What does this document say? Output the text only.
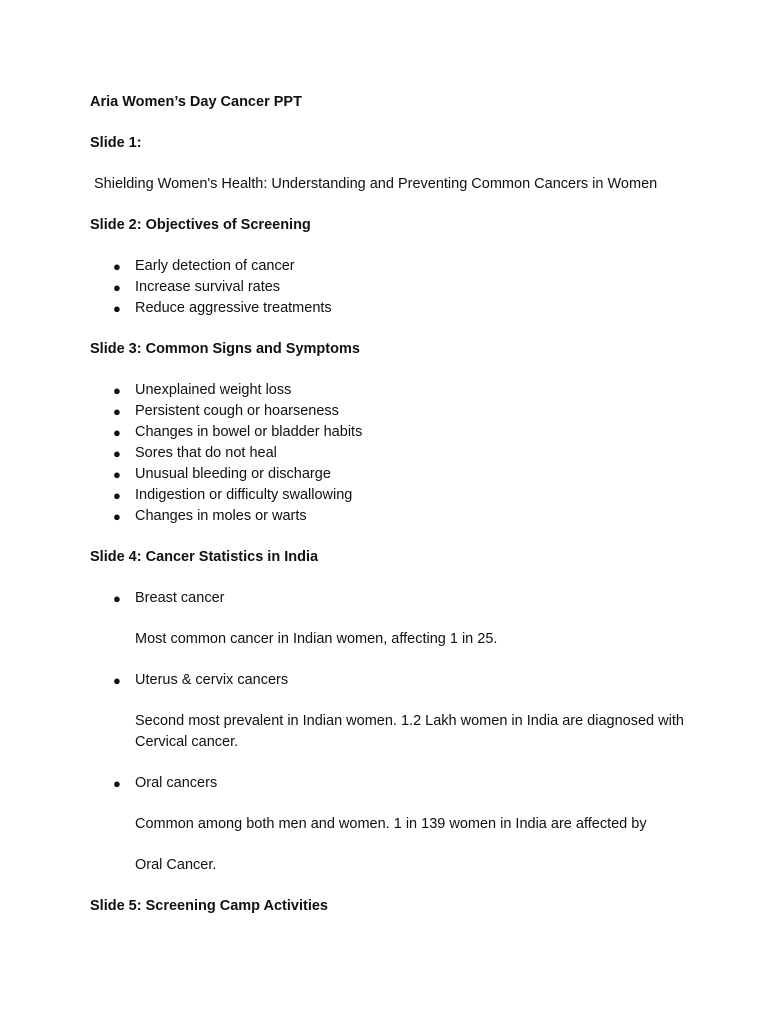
Aria Women’s Day Cancer PPT

Slide 1:

Shielding Women's Health: Understanding and Preventing Common Cancers in Women

Slide 2: Objectives of Screening

● Early detection of cancer
● Increase survival rates
● Reduce aggressive treatments

Slide 3: Common Signs and Symptoms

● Unexplained weight loss
● Persistent cough or hoarseness
● Changes in bowel or bladder habits
● Sores that do not heal
● Unusual bleeding or discharge
● Indigestion or difficulty swallowing
● Changes in moles or warts

Slide 4: Cancer Statistics in India

● Breast cancer

Most common cancer in Indian women, affecting 1 in 25.

● Uterus & cervix cancers

Second most prevalent in Indian women. 1.2 Lakh women in India are diagnosed with Cervical cancer.

● Oral cancers

Common among both men and women. 1 in 139 women in India are affected by

Oral Cancer.

Slide 5: Screening Camp Activities
